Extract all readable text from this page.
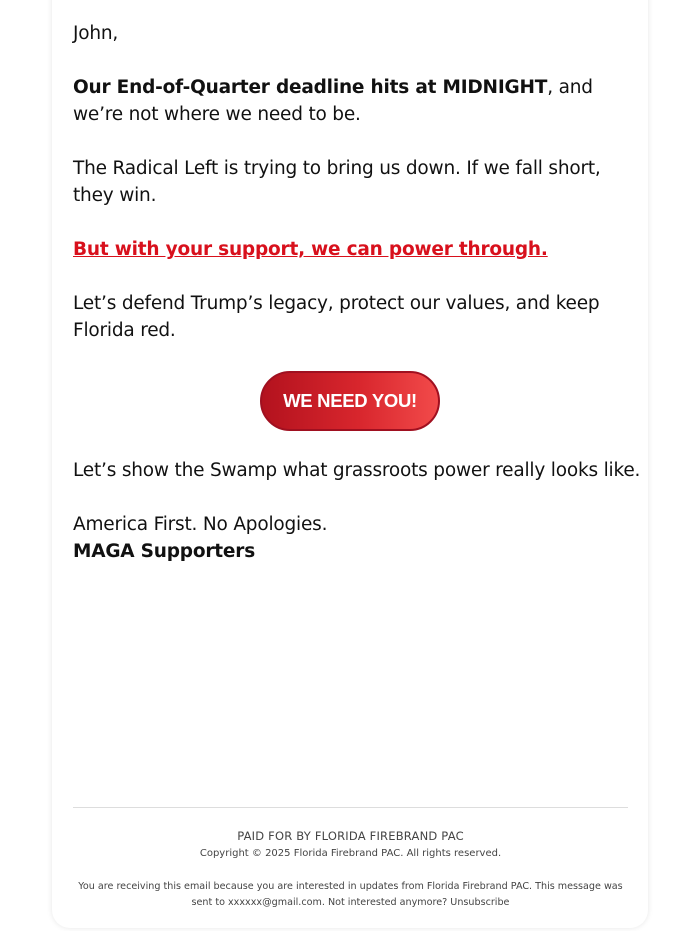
John,

Our End-of-Quarter deadline hits at MIDNIGHT, and we’re not where we need to be.

The Radical Left is trying to bring us down. If we fall short, they win.

But with your support, we can power through.

Let’s defend Trump’s legacy, protect our values, and keep Florida red.

Let’s show the Swamp what grassroots power really looks like.

America First. No Apologies.

MAGA Supporters

WE NEED YOU!
PAID FOR BY FLORIDA FIREBRAND PAC
Copyright © 2025 Florida Firebrand PAC. All rights reserved.
You are receiving this email because you are interested in updates from Florida Firebrand PAC. This message was sent to xxxxxx@gmail.com. Not interested anymore? Unsubscribe
